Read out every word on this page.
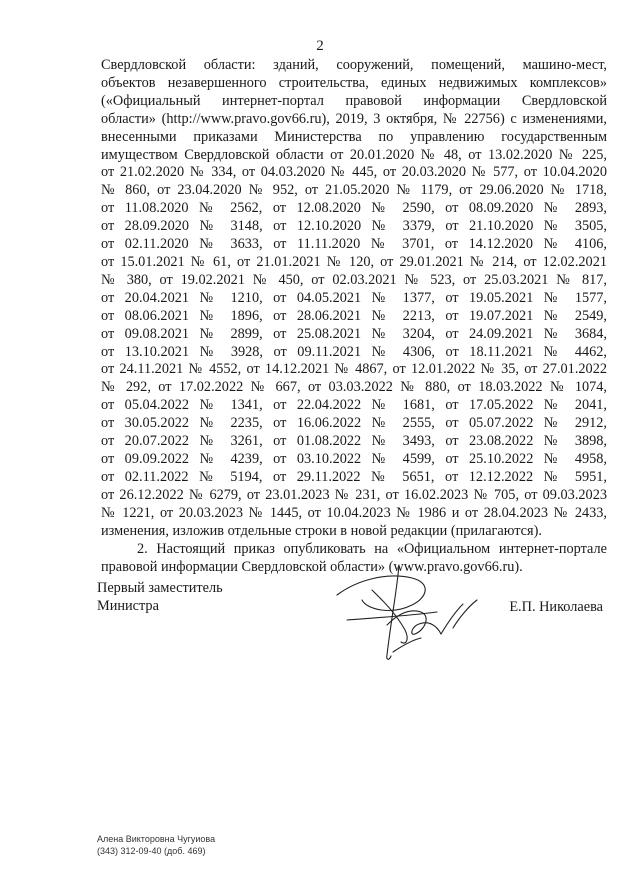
2

Свердловской области: зданий, сооружений, помещений, машино-мест,
объектов незавершенного строительства, единых недвижимых комплексов»
(«Официальный интернет-портал правовой информации Свердловской
области» (http://www.pravo.gov66.ru), 2019, 3 октября, № 22756) с изменениями,
внесенными приказами Министерства по управлению государственным
имуществом Свердловской области от 20.01.2020 № 48, от 13.02.2020 № 225,
от 21.02.2020 № 334, от 04.03.2020 № 445, от 20.03.2020 № 577, от 10.04.2020
№ 860, от 23.04.2020 № 952, от 21.05.2020 № 1179, от 29.06.2020 № 1718,
от 11.08.2020 № 2562, от 12.08.2020 № 2590, от 08.09.2020 № 2893,
от 28.09.2020 № 3148, от 12.10.2020 № 3379, от 21.10.2020 № 3505,
от 02.11.2020 № 3633, от 11.11.2020 № 3701, от 14.12.2020 № 4106,
от 15.01.2021 № 61, от 21.01.2021 № 120, от 29.01.2021 № 214, от 12.02.2021
№ 380, от 19.02.2021 № 450, от 02.03.2021 № 523, от 25.03.2021 № 817,
от 20.04.2021 № 1210, от 04.05.2021 № 1377, от 19.05.2021 № 1577,
от 08.06.2021 № 1896, от 28.06.2021 № 2213, от 19.07.2021 № 2549,
от 09.08.2021 № 2899, от 25.08.2021 № 3204, от 24.09.2021 № 3684,
от 13.10.2021 № 3928, от 09.11.2021 № 4306, от 18.11.2021 № 4462,
от 24.11.2021 № 4552, от 14.12.2021 № 4867, от 12.01.2022 № 35, от 27.01.2022
№ 292, от 17.02.2022 № 667, от 03.03.2022 № 880, от 18.03.2022 № 1074,
от 05.04.2022 № 1341, от 22.04.2022 № 1681, от 17.05.2022 № 2041,
от 30.05.2022 № 2235, от 16.06.2022 № 2555, от 05.07.2022 № 2912,
от 20.07.2022 № 3261, от 01.08.2022 № 3493, от 23.08.2022 № 3898,
от 09.09.2022 № 4239, от 03.10.2022 № 4599, от 25.10.2022 № 4958,
от 02.11.2022 № 5194, от 29.11.2022 № 5651, от 12.12.2022 № 5951,
от 26.12.2022 № 6279, от 23.01.2023 № 231, от 16.02.2023 № 705, от 09.03.2023
№ 1221, от 20.03.2023 № 1445, от 10.04.2023 № 1986 и от 28.04.2023 № 2433,
изменения, изложив отдельные строки в новой редакции (прилагаются).

2. Настоящий приказ опубликовать на «Официальном интернет-портале правовой информации Свердловской области» (www.pravo.gov66.ru).

Первый заместитель
Министра	Е.П. Николаева
Алена Викторовна Чугуиова
(343) 312-09-40 (доб. 469)
